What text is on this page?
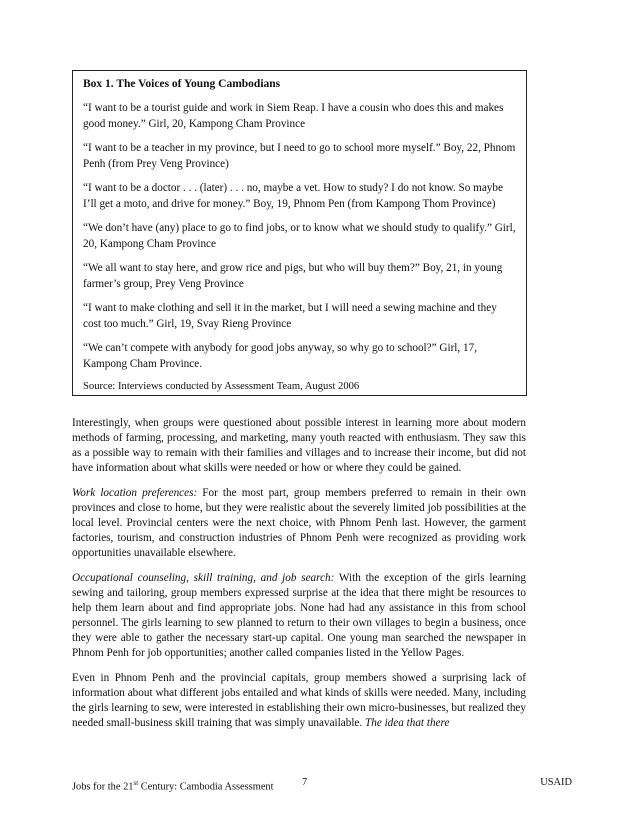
Box 1. The Voices of Young Cambodians
“I want to be a tourist guide and work in Siem Reap. I have a cousin who does this and makes good money.” Girl, 20, Kampong Cham Province
“I want to be a teacher in my province, but I need to go to school more myself.” Boy, 22, Phnom Penh (from Prey Veng Province)
“I want to be a doctor . . . (later) . . . no, maybe a vet. How to study? I do not know. So maybe I’ll get a moto, and drive for money.” Boy, 19, Phnom Pen (from Kampong Thom Province)
“We don’t have (any) place to go to find jobs, or to know what we should study to qualify.” Girl, 20, Kampong Cham Province
“We all want to stay here, and grow rice and pigs, but who will buy them?” Boy, 21, in young farmer’s group, Prey Veng Province
“I want to make clothing and sell it in the market, but I will need a sewing machine and they cost too much.” Girl, 19, Svay Rieng Province
“We can’t compete with anybody for good jobs anyway, so why go to school?” Girl, 17, Kampong Cham Province.
Source: Interviews conducted by Assessment Team, August 2006

Interestingly, when groups were questioned about possible interest in learning more about modern methods of farming, processing, and marketing, many youth reacted with enthusiasm. They saw this as a possible way to remain with their families and villages and to increase their income, but did not have information about what skills were needed or how or where they could be gained.

Work location preferences: For the most part, group members preferred to remain in their own provinces and close to home, but they were realistic about the severely limited job possibilities at the local level. Provincial centers were the next choice, with Phnom Penh last. However, the garment factories, tourism, and construction industries of Phnom Penh were recognized as providing work opportunities unavailable elsewhere.

Occupational counseling, skill training, and job search: With the exception of the girls learning sewing and tailoring, group members expressed surprise at the idea that there might be resources to help them learn about and find appropriate jobs. None had had any assistance in this from school personnel. The girls learning to sew planned to return to their own villages to begin a business, once they were able to gather the necessary start-up capital. One young man searched the newspaper in Phnom Penh for job opportunities; another called companies listed in the Yellow Pages.

Even in Phnom Penh and the provincial capitals, group members showed a surprising lack of information about what different jobs entailed and what kinds of skills were needed. Many, including the girls learning to sew, were interested in establishing their own micro-businesses, but realized they needed small-business skill training that was simply unavailable. The idea that there

Jobs for the 21st Century: Cambodia Assessment	7	USAID
